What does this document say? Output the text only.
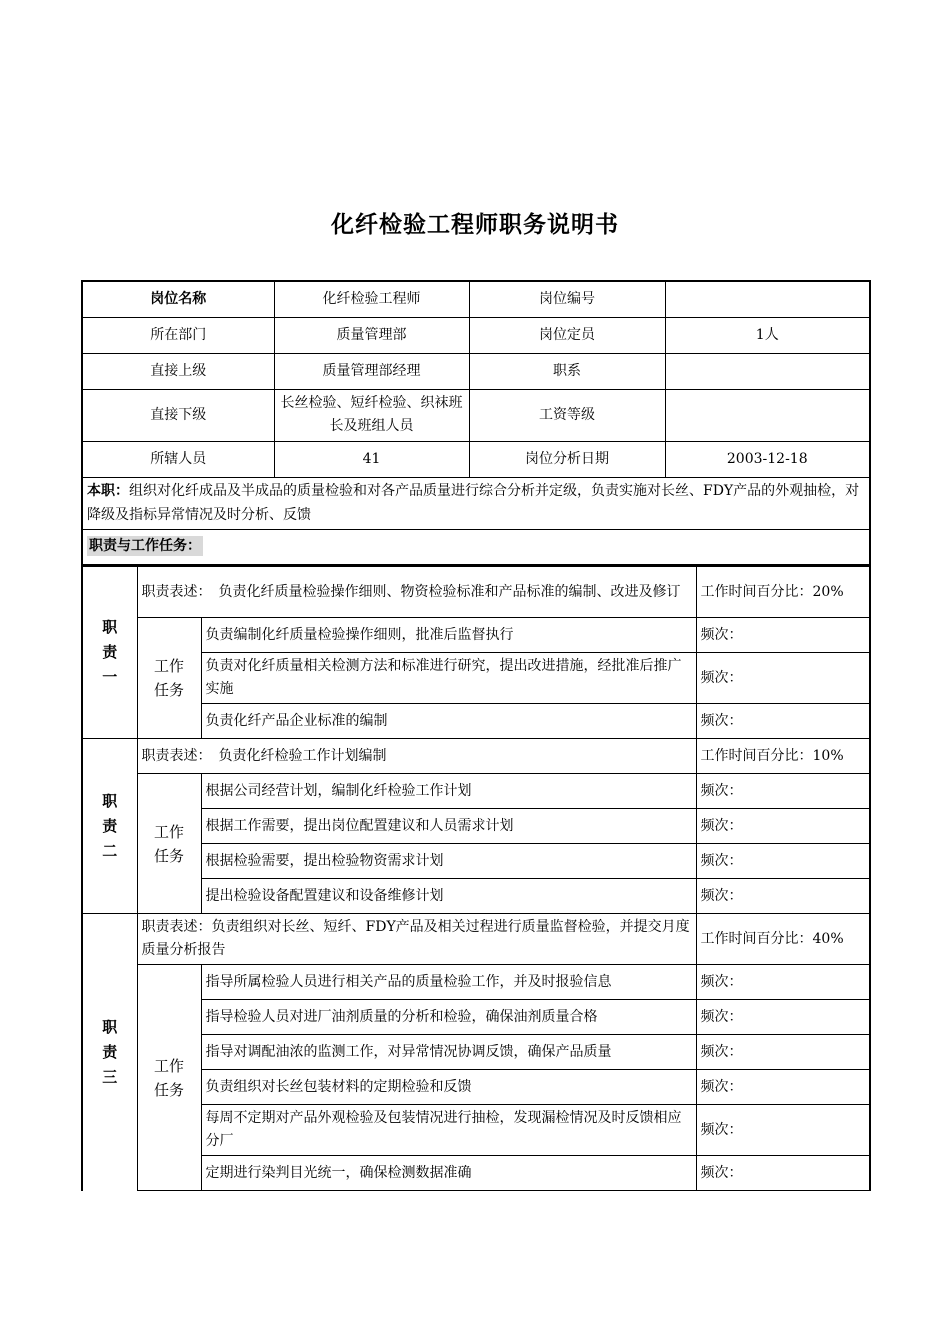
化纤检验工程师职务说明书
岗位名称	化纤检验工程师	岗位编号	
所在部门	质量管理部	岗位定员	1人
直接上级	质量管理部经理	职系	
直接下级	长丝检验、短纤检验、织袜班长及班组人员	工资等级	
所辖人员	41	岗位分析日期	2003-12-18
本职：组织对化纤成品及半成品的质量检验和对各产品质量进行综合分析并定级，负责实施对长丝、FDY产品的外观抽检，对降级及指标异常情况及时分析、反馈			
职责与工作任务：			
职责一	职责表述：　负责化纤质量检验操作细则、物资检验标准和产品标准的编制、改进及修订		工作时间百分比：20%
	工作任务	负责编制化纤质量检验操作细则，批准后监督执行	频次：
		负责对化纤质量相关检测方法和标准进行研究，提出改进措施，经批准后推广实施	频次：
		负责化纤产品企业标准的编制	频次：
职责二	职责表述：　负责化纤检验工作计划编制		工作时间百分比：10%
	工作任务	根据公司经营计划，编制化纤检验工作计划	频次：
		根据工作需要，提出岗位配置建议和人员需求计划	频次：
		根据检验需要，提出检验物资需求计划	频次：
		提出检验设备配置建议和设备维修计划	频次：
职责三	职责表述：负责组织对长丝、短纤、FDY产品及相关过程进行质量监督检验，并提交月度质量分析报告		工作时间百分比：40%
	工作任务	指导所属检验人员进行相关产品的质量检验工作，并及时报验信息	频次：
		指导检验人员对进厂油剂质量的分析和检验，确保油剂质量合格	频次：
		指导对调配油浓的监测工作，对异常情况协调反馈，确保产品质量	频次：
		负责组织对长丝包装材料的定期检验和反馈	频次：
		每周不定期对产品外观检验及包装情况进行抽检，发现漏检情况及时反馈相应分厂	频次：
		定期进行染判目光统一，确保检测数据准确	频次：
